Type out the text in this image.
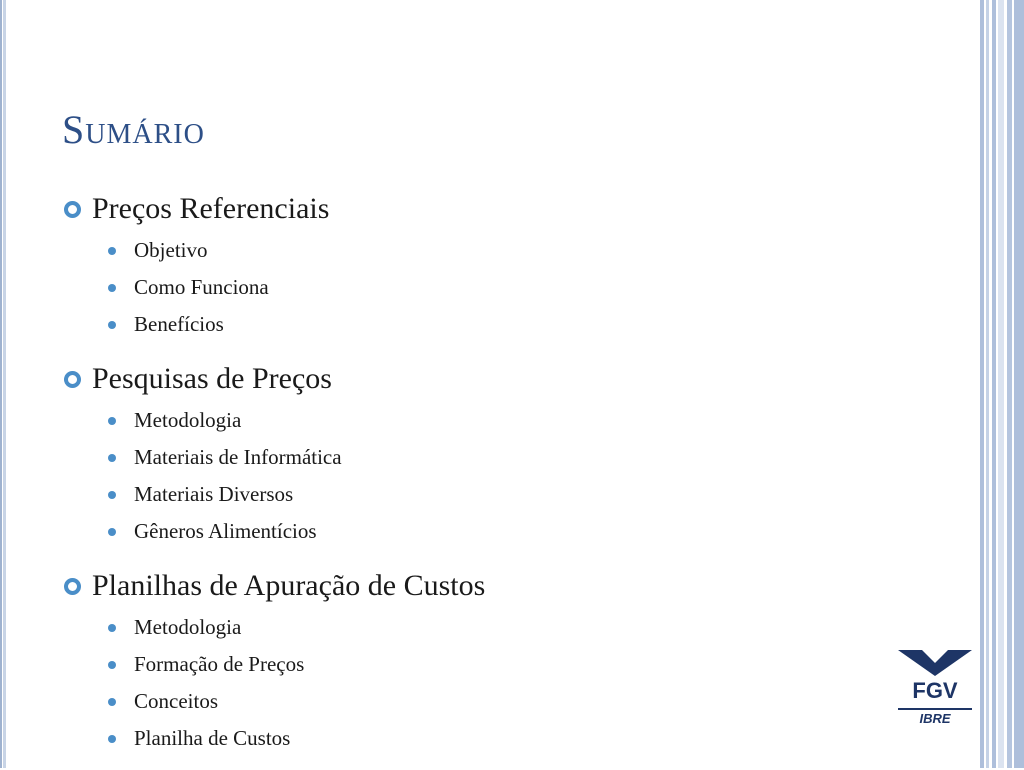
Sumário
Preços Referenciais
Objetivo
Como Funciona
Benefícios
Pesquisas de Preços
Metodologia
Materiais de Informática
Materiais Diversos
Gêneros Alimentícios
Planilhas de Apuração de Custos
Metodologia
Formação de Preços
Conceitos
Planilha de Custos
FGV
IBRE
